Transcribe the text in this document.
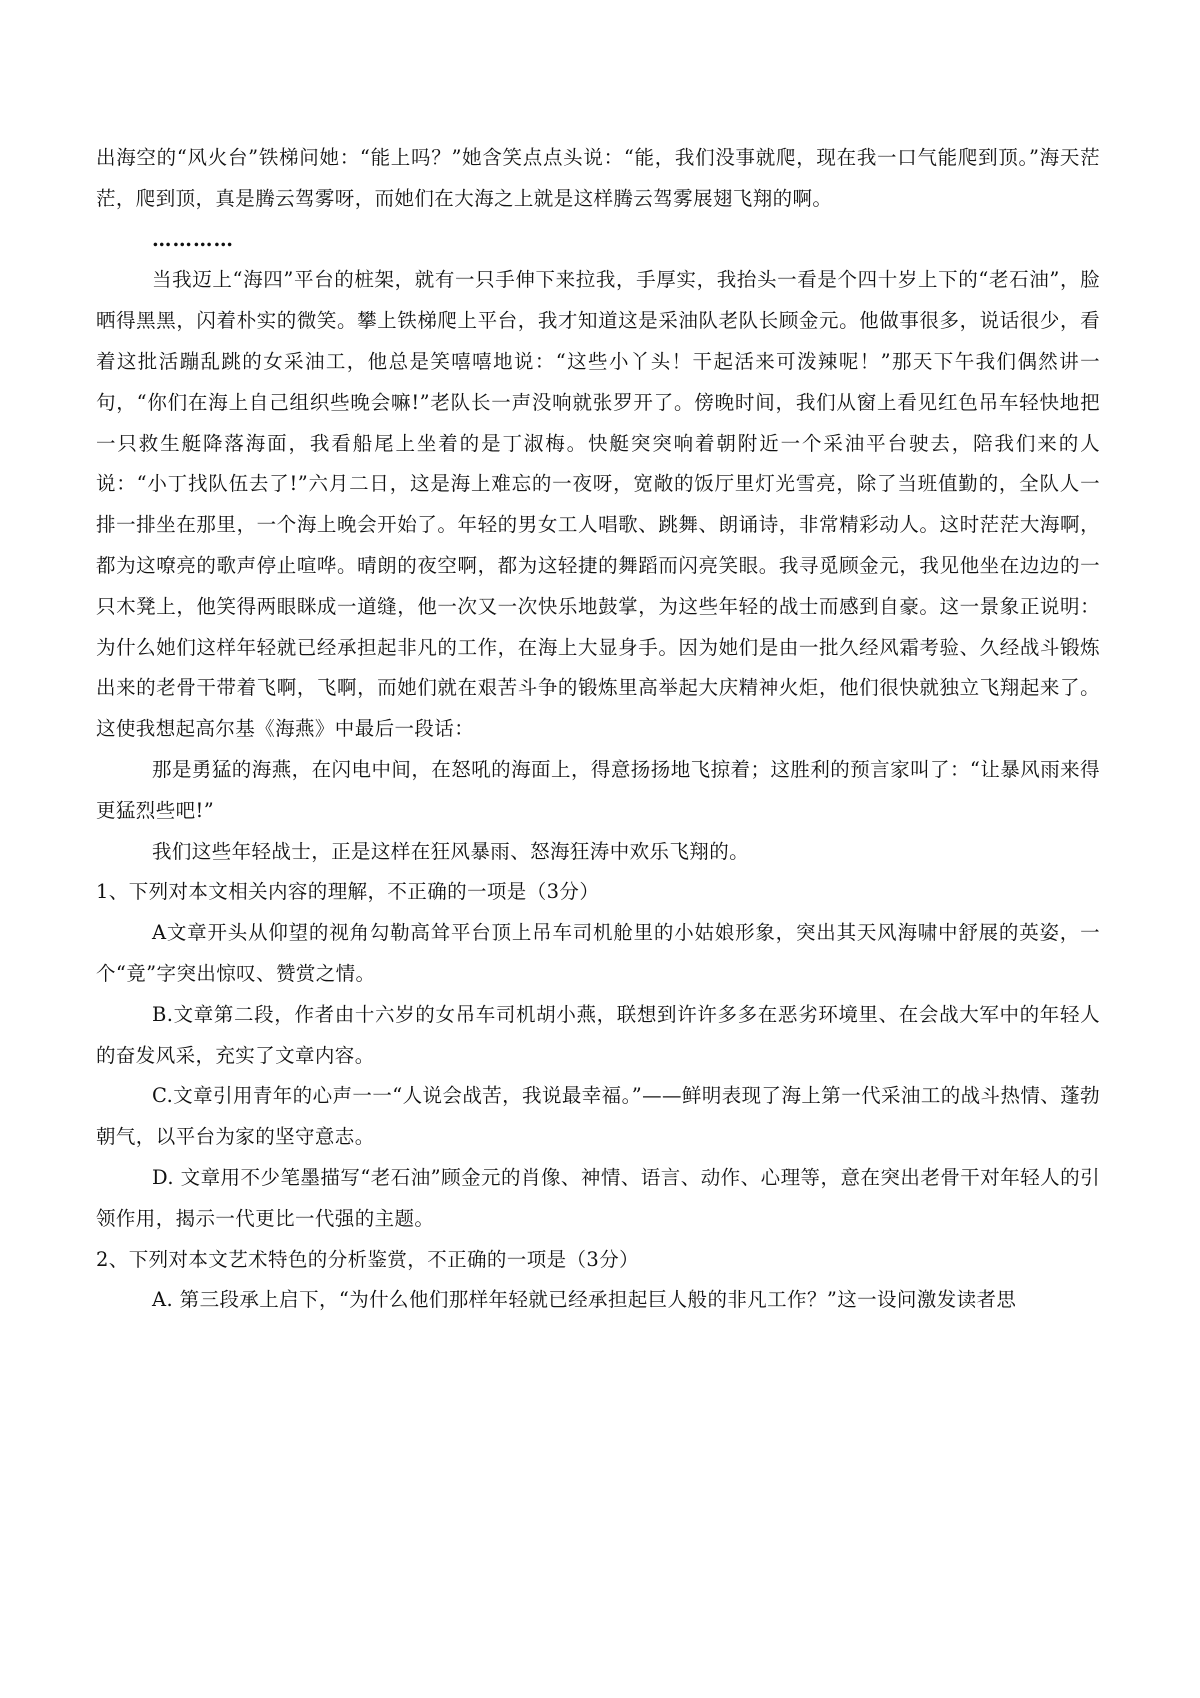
出海空的“风火台”铁梯问她：“能上吗？”她含笑点点头说：“能，我们没事就爬，现在我一口气能爬到顶。”海天茫茫，爬到顶，真是腾云驾雾呀，而她们在大海之上就是这样腾云驾雾展翅飞翔的啊。

…………

当我迈上“海四”平台的桩架，就有一只手伸下来拉我，手厚实，我抬头一看是个四十岁上下的“老石油”，脸晒得黑黑，闪着朴实的微笑。攀上铁梯爬上平台，我才知道这是采油队老队长顾金元。他做事很多，说话很少，看着这批活蹦乱跳的女采油工，他总是笑嘻嘻地说：“这些小丫头！干起活来可泼辣呢！”那天下午我们偶然讲一句，“你们在海上自己组织些晚会嘛!”老队长一声没响就张罗开了。傍晚时间，我们从窗上看见红色吊车轻快地把一只救生艇降落海面，我看船尾上坐着的是丁淑梅。快艇突突响着朝附近一个采油平台驶去，陪我们来的人说：“小丁找队伍去了!”六月二日，这是海上难忘的一夜呀，宽敞的饭厅里灯光雪亮，除了当班值勤的，全队人一排一排坐在那里，一个海上晚会开始了。年轻的男女工人唱歌、跳舞、朗诵诗，非常精彩动人。这时茫茫大海啊，都为这嘹亮的歌声停止喧哗。晴朗的夜空啊，都为这轻捷的舞蹈而闪亮笑眼。我寻觅顾金元，我见他坐在边边的一只木凳上，他笑得两眼眯成一道缝，他一次又一次快乐地鼓掌，为这些年轻的战士而感到自豪。这一景象正说明：为什么她们这样年轻就已经承担起非凡的工作，在海上大显身手。因为她们是由一批久经风霜考验、久经战斗锻炼出来的老骨干带着飞啊，飞啊，而她们就在艰苦斗争的锻炼里高举起大庆精神火炬，他们很快就独立飞翔起来了。这使我想起高尔基《海燕》中最后一段话：

那是勇猛的海燕，在闪电中间，在怒吼的海面上，得意扬扬地飞掠着；这胜利的预言家叫了：“让暴风雨来得更猛烈些吧!”

我们这些年轻战士，正是这样在狂风暴雨、怒海狂涛中欢乐飞翔的。

1、下列对本文相关内容的理解，不正确的一项是（3分）

A文章开头从仰望的视角勾勒高耸平台顶上吊车司机舱里的小姑娘形象，突出其天风海啸中舒展的英姿，一个“竟”字突出惊叹、赞赏之情。

B.文章第二段，作者由十六岁的女吊车司机胡小燕，联想到许许多多在恶劣环境里、在会战大军中的年轻人的奋发风采，充实了文章内容。

C.文章引用青年的心声一一“人说会战苦，我说最幸福。”——鲜明表现了海上第一代采油工的战斗热情、蓬勃朝气，以平台为家的坚守意志。

D. 文章用不少笔墨描写“老石油”顾金元的肖像、神情、语言、动作、心理等，意在突出老骨干对年轻人的引领作用，揭示一代更比一代强的主题。

2、下列对本文艺术特色的分析鉴赏，不正确的一项是（3分）

A. 第三段承上启下，“为什么他们那样年轻就已经承担起巨人般的非凡工作？”这一设问激发读者思
